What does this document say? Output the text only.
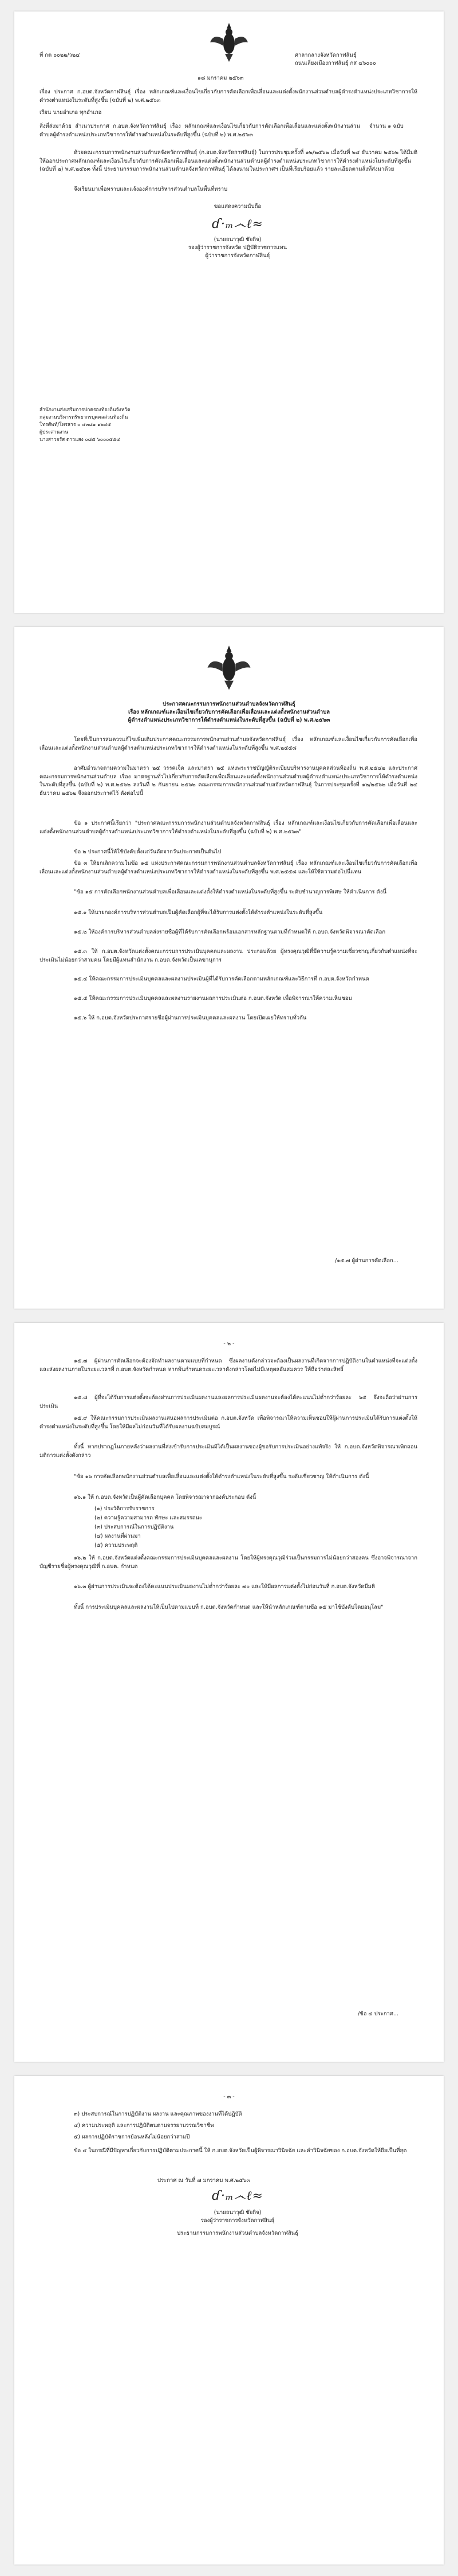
ที่ กต ๐๐๒๒/ว๒๔	ศาลากลางจังหวัดกาฬสินธุ์
ถนนเลี่ยงเมืองกาฬสินธุ์ กส ๔๖๐๐๐
๑๘ มกราคม ๒๕๖๓
เรื่อง ประกาศ ก.อบต.จังหวัดกาฬสินธุ์ เรื่อง หลักเกณฑ์และเงื่อนไขเกี่ยวกับการคัดเลือกเพื่อเลื่อนและแต่งตั้งพนักงานส่วนตำบลผู้ดำรงตำแหน่งประเภทวิชาการให้ดำรงตำแหน่งในระดับที่สูงขึ้น (ฉบับที่ ๒) พ.ศ.๒๕๖๓
เรียน นายอำเภอ ทุกอำเภอ
สิ่งที่ส่งมาด้วย สำเนาประกาศ ก.อบต.จังหวัดกาฬสินธุ์ เรื่อง หลักเกณฑ์และเงื่อนไขเกี่ยวกับการคัดเลือกเพื่อเลื่อนและแต่งตั้งพนักงานส่วนตำบลผู้ดำรงตำแหน่งประเภทวิชาการให้ดำรงตำแหน่งในระดับที่สูงขึ้น (ฉบับที่ ๒) พ.ศ.๒๕๖๓
จำนวน ๑ ฉบับ
ด้วยคณะกรรมการพนักงานส่วนตำบลจังหวัดกาฬสินธุ์ (ก.อบต.จังหวัดกาฬสินธุ์) ในการประชุมครั้งที่ ๑๒/๒๕๖๒ เมื่อวันที่ ๒๔ ธันวาคม ๒๕๖๒ ได้มีมติให้ออกประกาศหลักเกณฑ์และเงื่อนไขเกี่ยวกับการคัดเลือกเพื่อเลื่อนและแต่งตั้งพนักงานส่วนตำบลผู้ดำรงตำแหน่งประเภทวิชาการให้ดำรงตำแหน่งในระดับที่สูงขึ้น (ฉบับที่ ๒) พ.ศ.๒๕๖๓ ทั้งนี้ ประธานกรรมการพนักงานส่วนตำบลจังหวัดกาฬสินธุ์ ได้ลงนามในประกาศฯ เป็นที่เรียบร้อยแล้ว รายละเอียดตามสิ่งที่ส่งมาด้วย
จึงเรียนมาเพื่อทราบและแจ้งองค์การบริหารส่วนตำบลในพื้นที่ทราบ
ขอแสดงความนับถือ
ɗ·ₘ෴ℓ≈
(นายธนาวุฒิ ชัยกิจ)
รองผู้ว่าราชการจังหวัด ปฏิบัติราชการแทน
ผู้ว่าราชการจังหวัดกาฬสินธุ์
สำนักงานส่งเสริมการปกครองท้องถิ่นจังหวัด
กลุ่มงานบริหารทรัพยากรบุคคลส่วนท้องถิ่น
โทรศัพท์/โทรสาร ๐ ๔๓๘๑ ๑๒๔๕
ผู้ประสานงาน
นางสาวจรัส ดาวแสง ๐๘๕ ๖๐๐๐๕๕๔
ประกาศคณะกรรมการพนักงานส่วนตำบลจังหวัดกาฬสินธุ์
เรื่อง หลักเกณฑ์และเงื่อนไขเกี่ยวกับการคัดเลือกเพื่อเลื่อนและแต่งตั้งพนักงานส่วนตำบล
ผู้ดำรงตำแหน่งประเภทวิชาการให้ดำรงตำแหน่งในระดับที่สูงขึ้น (ฉบับที่ ๒) พ.ศ.๒๕๖๓
โดยที่เป็นการสมควรแก้ไขเพิ่มเติมประกาศคณะกรรมการพนักงานส่วนตำบลจังหวัดกาฬสินธุ์ เรื่อง หลักเกณฑ์และเงื่อนไขเกี่ยวกับการคัดเลือกเพื่อเลื่อนและแต่งตั้งพนักงานส่วนตำบลผู้ดำรงตำแหน่งประเภทวิชาการให้ดำรงตำแหน่งในระดับที่สูงขึ้น พ.ศ.๒๕๕๘
อาศัยอำนาจตามความในมาตรา ๒๕ วรรคเจ็ด และมาตรา ๒๕ แห่งพระราชบัญญัติระเบียบบริหารงานบุคคลส่วนท้องถิ่น พ.ศ.๒๕๔๒ และประกาศคณะกรรมการพนักงานส่วนตำบล เรื่อง มาตรฐานทั่วไปเกี่ยวกับการคัดเลือกเพื่อเลื่อนและแต่งตั้งพนักงานส่วนตำบลผู้ดำรงตำแหน่งประเภทวิชาการให้ดำรงตำแหน่งในระดับที่สูงขึ้น (ฉบับที่ ๒) พ.ศ.๒๕๖๒ ลงวันที่ ๒ กันยายน ๒๕๖๒ คณะกรรมการพนักงานส่วนตำบลจังหวัดกาฬสินธุ์ ในการประชุมครั้งที่ ๑๒/๒๕๖๒ เมื่อวันที่ ๒๔ ธันวาคม ๒๕๖๒ จึงออกประกาศไว้ ดังต่อไปนี้
ข้อ ๑ ประกาศนี้เรียกว่า "ประกาศคณะกรรมการพนักงานส่วนตำบลจังหวัดกาฬสินธุ์ เรื่อง หลักเกณฑ์และเงื่อนไขเกี่ยวกับการคัดเลือกเพื่อเลื่อนและแต่งตั้งพนักงานส่วนตำบลผู้ดำรงตำแหน่งประเภทวิชาการให้ดำรงตำแหน่งในระดับที่สูงขึ้น (ฉบับที่ ๒) พ.ศ.๒๕๖๓"
ข้อ ๒ ประกาศนี้ให้ใช้บังคับตั้งแต่วันถัดจากวันประกาศเป็นต้นไป
ข้อ ๓ ให้ยกเลิกความในข้อ ๑๕ แห่งประกาศคณะกรรมการพนักงานส่วนตำบลจังหวัดกาฬสินธุ์ เรื่อง หลักเกณฑ์และเงื่อนไขเกี่ยวกับการคัดเลือกเพื่อเลื่อนและแต่งตั้งพนักงานส่วนตำบลผู้ดำรงตำแหน่งประเภทวิชาการให้ดำรงตำแหน่งในระดับที่สูงขึ้น พ.ศ.๒๕๕๘ และให้ใช้ความต่อไปนี้แทน
"ข้อ ๑๕ การคัดเลือกพนักงานส่วนตำบลเพื่อเลื่อนและแต่งตั้งให้ดำรงตำแหน่งในระดับที่สูงขึ้น ระดับชำนาญการพิเศษ ให้ดำเนินการ ดังนี้
๑๕.๑ ให้นายกองค์การบริหารส่วนตำบลเป็นผู้คัดเลือกผู้ที่จะได้รับการแต่งตั้งให้ดำรงตำแหน่งในระดับที่สูงขึ้น
๑๕.๒ ให้องค์การบริหารส่วนตำบลส่งรายชื่อผู้ที่ได้รับการคัดเลือกพร้อมเอกสารหลักฐานตามที่กำหนดให้ ก.อบต.จังหวัดพิจารณาคัดเลือก
๑๕.๓ ให้ ก.อบต.จังหวัดแต่งตั้งคณะกรรมการประเมินบุคคลและผลงาน ประกอบด้วย ผู้ทรงคุณวุฒิที่มีความรู้ความเชี่ยวชาญเกี่ยวกับตำแหน่งที่จะประเมินไม่น้อยกว่าสามคน โดยมีผู้แทนสำนักงาน ก.อบต.จังหวัดเป็นเลขานุการ
๑๕.๔ ให้คณะกรรมการประเมินบุคคลและผลงานประเมินผู้ที่ได้รับการคัดเลือกตามหลักเกณฑ์และวิธีการที่ ก.อบต.จังหวัดกำหนด
๑๕.๕ ให้คณะกรรมการประเมินบุคคลและผลงานรายงานผลการประเมินต่อ ก.อบต.จังหวัด เพื่อพิจารณาให้ความเห็นชอบ
๑๕.๖ ให้ ก.อบต.จังหวัดประกาศรายชื่อผู้ผ่านการประเมินบุคคลและผลงาน โดยเปิดเผยให้ทราบทั่วกัน
/๑๕.๗ ผู้ผ่านการคัดเลือก...
- ๒ -
๑๕.๗ ผู้ผ่านการคัดเลือกจะต้องจัดทำผลงานตามแบบที่กำหนด ซึ่งผลงานดังกล่าวจะต้องเป็นผลงานที่เกิดจากการปฏิบัติงานในตำแหน่งที่จะแต่งตั้ง และส่งผลงานภายในระยะเวลาที่ ก.อบต.จังหวัดกำหนด หากพ้นกำหนดระยะเวลาดังกล่าวโดยไม่มีเหตุผลอันสมควร ให้ถือว่าสละสิทธิ์
๑๕.๘ ผู้ที่จะได้รับการแต่งตั้งจะต้องผ่านการประเมินผลงานและผลการประเมินผลงานจะต้องได้คะแนนไม่ต่ำกว่าร้อยละ ๖๕ จึงจะถือว่าผ่านการประเมิน
๑๕.๙ ให้คณะกรรมการประเมินผลงานเสนอผลการประเมินต่อ ก.อบต.จังหวัด เพื่อพิจารณาให้ความเห็นชอบให้ผู้ผ่านการประเมินได้รับการแต่งตั้งให้ดำรงตำแหน่งในระดับที่สูงขึ้น โดยให้มีผลไม่ก่อนวันที่ได้รับผลงานฉบับสมบูรณ์
ทั้งนี้ หากปรากฏในภายหลังว่าผลงานที่ส่งเข้ารับการประเมินมิได้เป็นผลงานของผู้ขอรับการประเมินอย่างแท้จริง ให้ ก.อบต.จังหวัดพิจารณาเพิกถอนมติการแต่งตั้งดังกล่าว
"ข้อ ๑๖ การคัดเลือกพนักงานส่วนตำบลเพื่อเลื่อนและแต่งตั้งให้ดำรงตำแหน่งในระดับที่สูงขึ้น ระดับเชี่ยวชาญ ให้ดำเนินการ ดังนี้
๑๖.๑ ให้ ก.อบต.จังหวัดเป็นผู้คัดเลือกบุคคล โดยพิจารณาจากองค์ประกอบ ดังนี้
(๑) ประวัติการรับราชการ
(๒) ความรู้ความสามารถ ทักษะ และสมรรถนะ
(๓) ประสบการณ์ในการปฏิบัติงาน
(๔) ผลงานที่ผ่านมา
(๕) ความประพฤติ
๑๖.๒ ให้ ก.อบต.จังหวัดแต่งตั้งคณะกรรมการประเมินบุคคลและผลงาน โดยให้ผู้ทรงคุณวุฒิร่วมเป็นกรรมการไม่น้อยกว่าสองคน ซึ่งอาจพิจารณาจากบัญชีรายชื่อผู้ทรงคุณวุฒิที่ ก.อบต. กำหนด
๑๖.๓ ผู้ผ่านการประเมินจะต้องได้คะแนนประเมินผลงานไม่ต่ำกว่าร้อยละ ๗๐ และให้มีผลการแต่งตั้งไม่ก่อนวันที่ ก.อบต.จังหวัดมีมติ
ทั้งนี้ การประเมินบุคคลและผลงานให้เป็นไปตามแบบที่ ก.อบต.จังหวัดกำหนด และให้นำหลักเกณฑ์ตามข้อ ๑๕ มาใช้บังคับโดยอนุโลม"
/ข้อ ๔ ประกาศ...
- ๓ -
๓) ประสบการณ์ในการปฏิบัติงาน ผลงาน และคุณภาพของงานที่ได้ปฏิบัติ
๔) ความประพฤติ และการปฏิบัติตนตามจรรยาบรรณวิชาชีพ
๕) ผลการปฏิบัติราชการย้อนหลังไม่น้อยกว่าสามปี
ข้อ ๔ ในกรณีที่มีปัญหาเกี่ยวกับการปฏิบัติตามประกาศนี้ ให้ ก.อบต.จังหวัดเป็นผู้พิจารณาวินิจฉัย และคำวินิจฉัยของ ก.อบต.จังหวัดให้ถือเป็นที่สุด
ประกาศ ณ วันที่ ๗ มกราคม พ.ศ.๒๕๖๓
ɗ·ₘ෴ℓ≈
(นายธนาวุฒิ ชัยกิจ)
รองผู้ว่าราชการจังหวัดกาฬสินธุ์
ประธานกรรมการพนักงานส่วนตำบลจังหวัดกาฬสินธุ์
